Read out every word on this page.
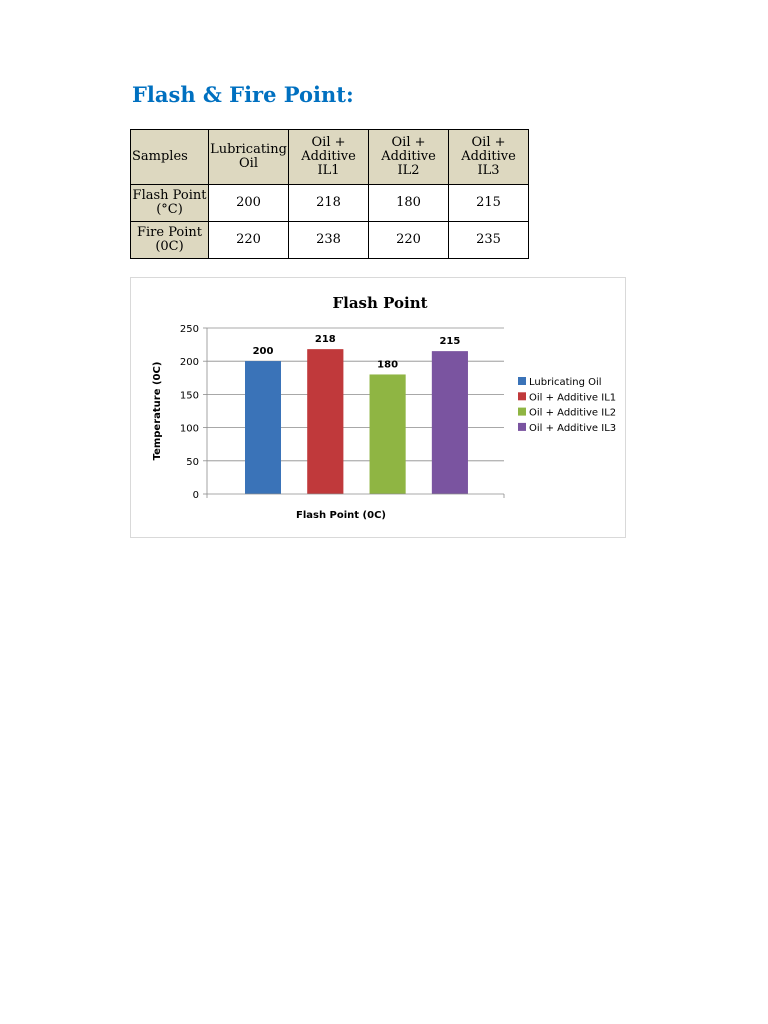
Flash & Fire Point:
Samples	Lubricating Oil	Oil + Additive IL1	Oil + Additive IL2	Oil + Additive IL3
Flash Point (°C)	200	218	180	215
Fire Point (0C)	220	238	220	235
Flash Point
200
218
180
215
0
50
100
150
200
250
Flash Point (0C)
Temperature (0C)	Lubricating Oil
Oil + Additive IL1
Oil + Additive IL2
Oil + Additive IL3
